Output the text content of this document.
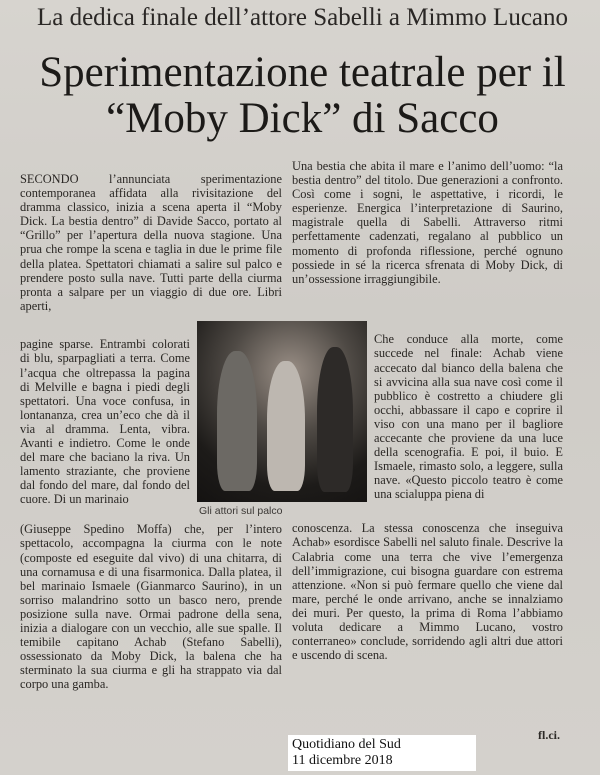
La dedica finale dell’attore Sabelli a Mimmo Lucano
Sperimentazione teatrale per il “Moby Dick” di Sacco

SECONDO l’annunciata sperimentazione contemporanea affidata alla rivisitazione del dramma classico, inizia a scena aperta il “Moby Dick. La bestia dentro” di Davide Sacco, portato al “Grillo” per l’apertura della nuova stagione. Una prua che rompe la scena e taglia in due le prime file della platea. Spettatori chiamati a salire sul palco e prendere posto sulla nave. Tutti parte della ciurma pronta a salpare per un viaggio di due ore. Libri aperti,

pagine sparse. Entrambi colorati di blu, sparpagliati a terra. Come l’acqua che oltrepassa la pagina di Melville e bagna i piedi degli spettatori. Una voce confusa, in lontananza, crea un’eco che dà il via al dramma. Lenta, vibra. Avanti e indietro. Come le onde del mare che baciano la riva. Un lamento straziante, che proviene dal fondo del mare, dal fondo del cuore. Di un marinaio

Gli attori sul palco

(Giuseppe Spedino Moffa) che, per l’intero spettacolo, accompagna la ciurma con le note (composte ed eseguite dal vivo) di una chitarra, di una cornamusa e di una fisarmonica. Dalla platea, il bel marinaio Ismaele (Gianmarco Saurino), in un sorriso malandrino sotto un basco nero, prende posizione sulla nave. Ormai padrone della sena, inizia a dialogare con un vecchio, alle sue spalle. Il temibile capitano Achab (Stefano Sabelli), ossessionato da Moby Dick, la balena che ha sterminato la sua ciurma e gli ha strappato via dal corpo una gamba.

Una bestia che abita il mare e l’animo dell’uomo: “la bestia dentro” del titolo. Due generazioni a confronto. Così come i sogni, le aspettative, i ricordi, le esperienze. Energica l’interpretazione di Saurino, magistrale quella di Sabelli. Attraverso ritmi perfettamente cadenzati, regalano al pubblico un momento di profonda riflessione, perché ognuno possiede in sé la ricerca sfrenata di Moby Dick, di un’ossessione irraggiungibile.

Che conduce alla morte, come succede nel finale: Achab viene accecato dal bianco della balena che si avvicina alla sua nave così come il pubblico è costretto a chiudere gli occhi, abbassare il capo e coprire il viso con una mano per il bagliore accecante che proviene da una luce della scenografia. E poi, il buio. E Ismaele, rimasto solo, a leggere, sulla nave. «Questo piccolo teatro è come una scialuppa piena di

conoscenza. La stessa conoscenza che inseguiva Achab» esordisce Sabelli nel saluto finale. Descrive la Calabria come una terra che vive l’emergenza dell’immigrazione, cui bisogna guardare con estrema attenzione. «Non si può fermare quello che viene dal mare, perché le onde arrivano, anche se innalziamo dei muri. Per questo, la prima di Roma l’abbiamo voluta dedicare a Mimmo Lucano, vostro conterraneo» conclude, sorridendo agli altri due attori e uscendo di scena.

fl.ci.
Quotidiano del Sud
11 dicembre 2018
